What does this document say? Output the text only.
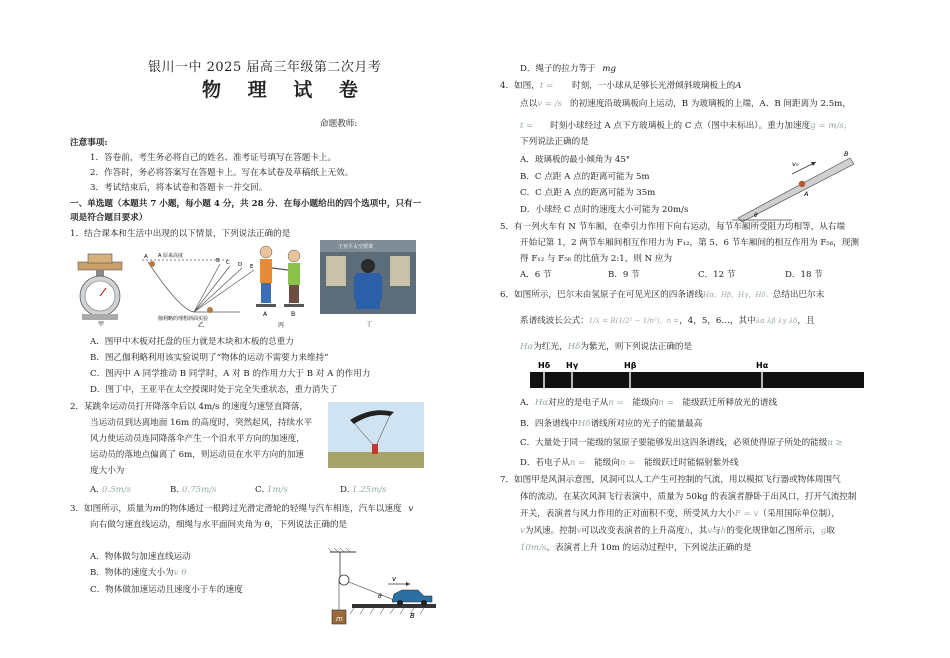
银川一中 2025 届高三年级第二次月考
物 理 试 卷
命题教师:
注意事项:
1．答卷前，考生务必将自己的姓名、准考证号填写在答题卡上。
2．作答时，务必将答案写在答题卡上。写在本试卷及草稿纸上无效。
3．考试结束后，将本试卷和答题卡一并交回。
一、单选题（本题共 7 小题，每小题 4 分，共 28 分．在每小题给出的四个选项中，只有一
项是符合题目要求）
1．结合课本和生活中出现的以下情景，下列说法正确的是
甲
A A 原来高度
B C D E
伽利略的理想斜面实验
乙
A	B
丙
王亚平太空授课
丁
A．图甲中木板对托盘的压力就是木块和木板的总重力
B．图乙伽利略利用该实验说明了“物体的运动不需要力来维持”
C．图丙中 A 同学推动 B 同学时，A 对 B 的作用力大于 B 对 A 的作用力
D．图丁中，王亚平在太空授课时处于完全失重状态，重力消失了
2．某跳伞运动员打开降落伞后以 4m/s 的速度匀速竖直降落，
当运动员到达离地面 16m 的高度时，突然起风，持续水平
风力使运动员连同降落伞产生一个沿水平方向的加速度，
运动员的落地点偏离了 6m，则运动员在水平方向的加速
度大小为
A．
0.5m/s	B．
0.75m/s	C．
1m/s	D．
1.25m/s
3．如图所示，质量为m的物体通过一根跨过光滑定滑轮的轻绳与汽车相连，汽车以速度 v
向右做匀速直线运动，细绳与水平面间夹角为 θ，下列说法正确的是
A．物体做匀加速直线运动
B．物体的速度大小为v θ
C．物体做加速运动且速度小于车的速度
m
v
θ
B
D．绳子的拉力等于 mg
4．如图，t = 时刻，一小球从足够长光滑倾斜玻璃板上的A
点以v = /s 的初速度沿玻璃板向上运动，B 为玻璃板的上端，A、B 间距离为 2.5m，
t = 时刻小球经过 A 点下方玻璃板上的 C 点（图中未标出）。重力加速度g = m/s，
下列说法正确的是
A．玻璃板的最小倾角为 45°
B．C 点距 A 点的距离可能为 5m
C．C 点距 A 点的距离可能为 35m
D．小球经 C 点时的速度大小可能为 20m/s
v₀
A
B
θ
5．有一列火车有 N 节车厢，在牵引力作用下向右运动，每节车厢所受阻力均相等，从右端
开始记第 1，2 两节车厢间相互作用力为 F₁₂，第 5、6 节车厢间的相互作用为 F₅₆，现测
得 F₁₂ 与 F₅₆ 的比值为 2:1，则 N 应为
A．6 节	B．9 节	C．12 节	D．18 节
6．如图所示，巴尔末由氢原子在可见光区的四条谱线Hα，Hβ，Hγ，Hδ。总结出巴尔末
系谱线波长公式：1/λ = R(1/2² − 1/n²)，n =，4，5，6…，其中λα λβ λγ λδ，且
Hα为红光，Hδ为紫光，则下列说法正确的是
Hδ Hγ	Hβ	Hα
A．Hα对应的是电子从n = 能级向n = 能级跃迁所释放光的谱线
B．四条谱线中Hδ谱线所对应的光子的能量最高
C．大量处于同一能级的氢原子要能够发出这四条谱线，必须使得原子所处的能级n ≥
D．若电子从n = 能级向n = 能级跃迁时能辐射紫外线
7．如图甲是风洞示意图，风洞可以人工产生可控制的气流，用以模拟飞行器或物体周围气
体的流动。在某次风洞飞行表演中，质量为 50kg 的表演者静卧于出风口，打开气流控制
开关，表演者与风力作用的正对面积不变，所受风力大小F = v（采用国际单位制），
v为风速。控制v可以改变表演者的上升高度h，其v与h的变化规律如乙图所示，g取
10m/s。表演者上升 10m 的运动过程中，下列说法正确的是
